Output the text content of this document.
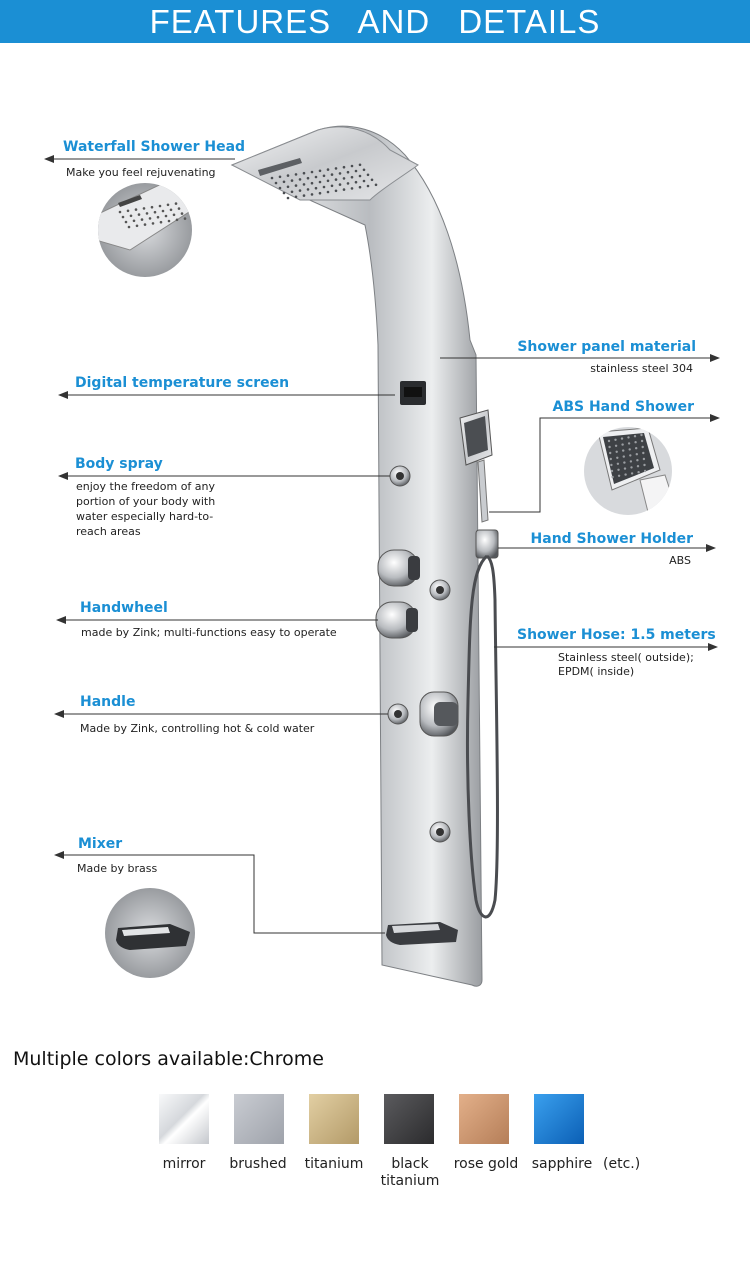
FEATURES AND DETAILS
Waterfall Shower Head
Make you feel rejuvenating
Digital temperature screen
Body spray
enjoy the freedom of any portion of your body with water especially hard-to-reach areas
Handwheel
made by Zink; multi-functions easy to operate
Handle
Made by Zink, controlling hot & cold water
Mixer
Made by brass
Shower panel material
stainless steel 304
ABS Hand Shower
Hand Shower Holder
ABS
Shower Hose: 1.5 meters
Stainless steel( outside);
EPDM( inside)
Multiple colors available:Chrome
mirror	brushed	titanium	black titanium
rose gold sapphire (etc.)
